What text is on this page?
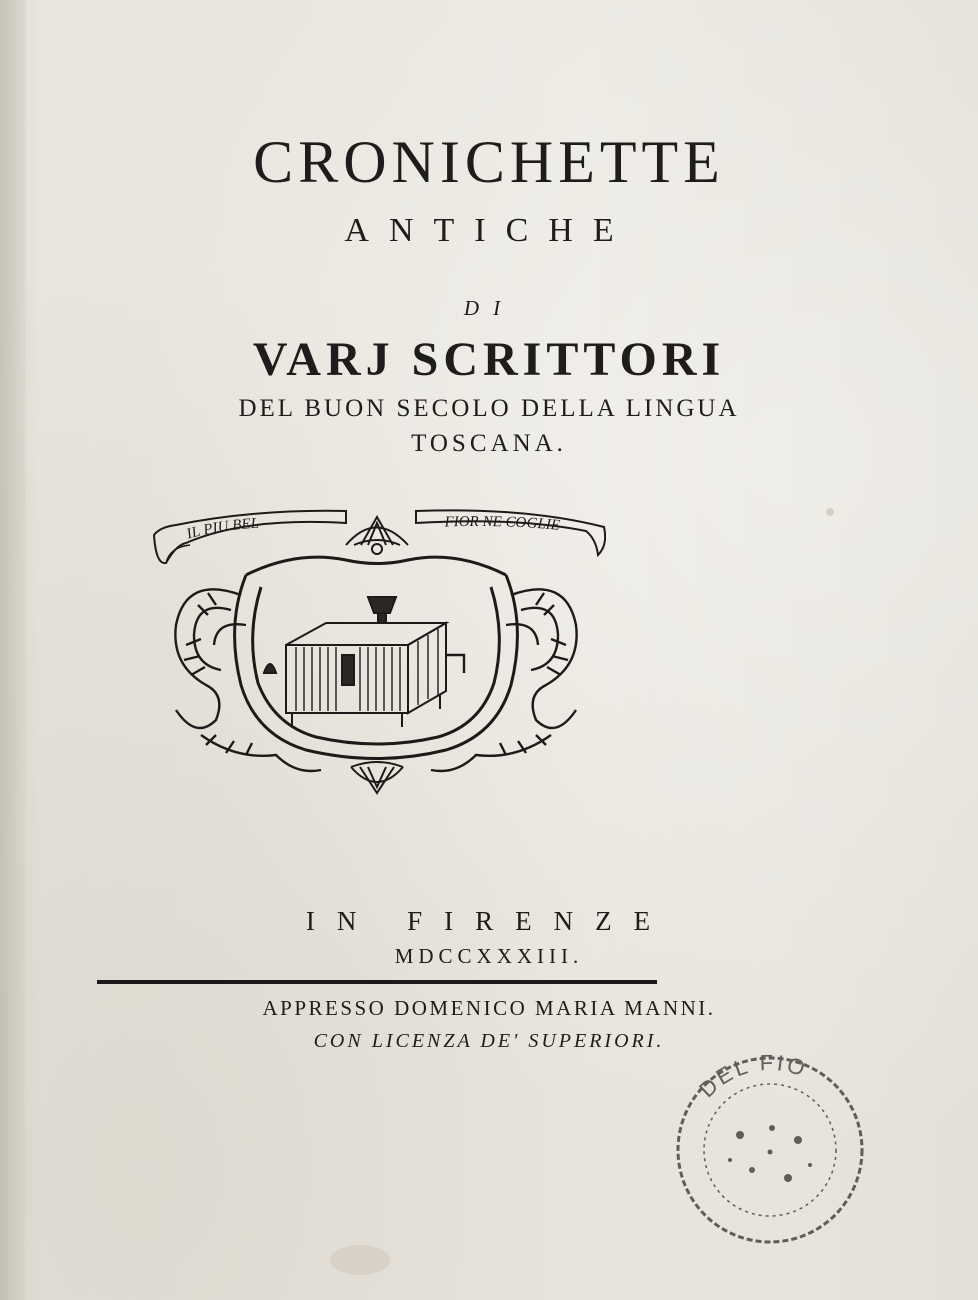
CRONICHETTE
ANTICHE
DI
VARJ SCRITTORI
DEL BUON SECOLO DELLA LINGUA
TOSCANA.
IL PIU BEL	FIOR NE COGLIE
IN FIRENZE
MDCCXXXIII.
APPRESSO DOMENICO MARIA MANNI.
CON LICENZA DE' SUPERIORI.
DEL FIO
